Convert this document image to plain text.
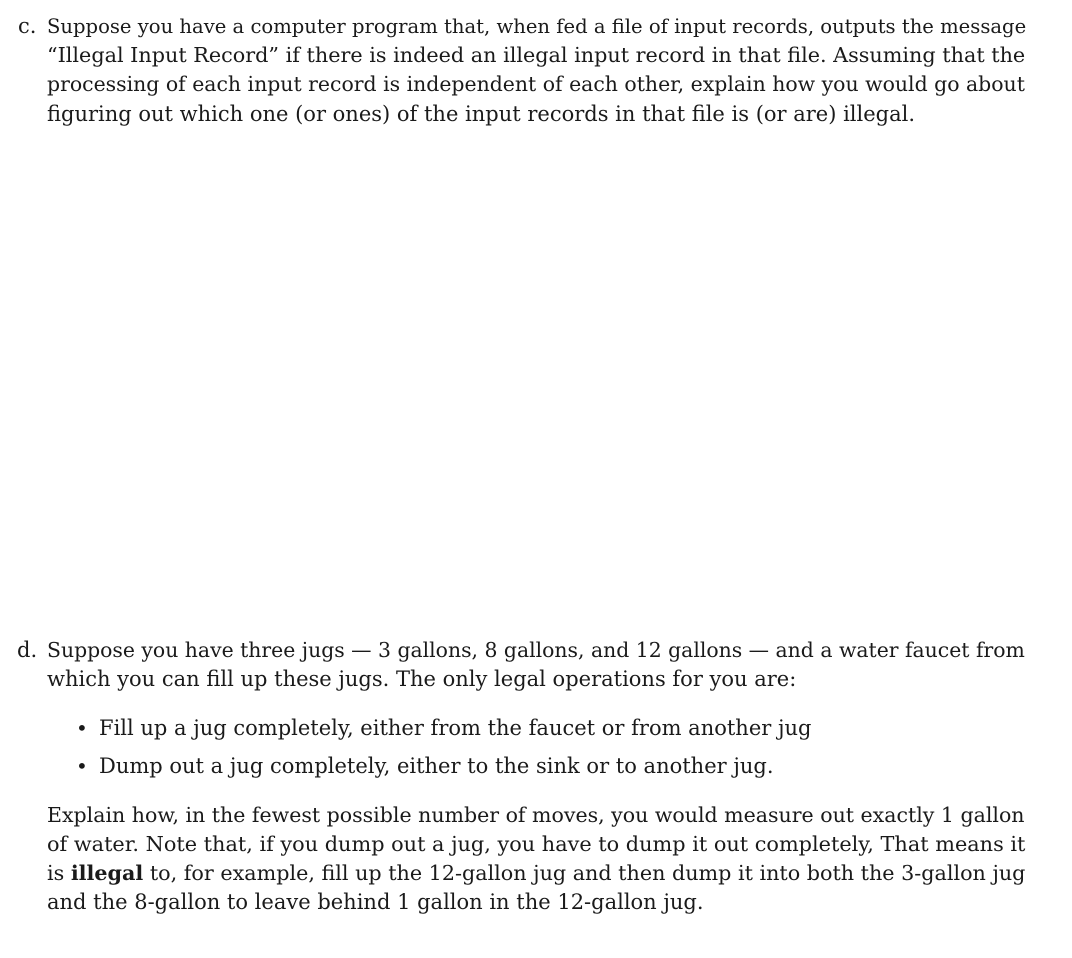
c. Suppose you have a computer program that, when fed a file of input records, outputs the message
“Illegal Input Record” if there is indeed an illegal input record in that file. Assuming that the
processing of each input record is independent of each other, explain how you would go about
figuring out which one (or ones) of the input records in that file is (or are) illegal.
d. Suppose you have three jugs — 3 gallons, 8 gallons, and 12 gallons — and a water faucet from
which you can fill up these jugs. The only legal operations for you are:
• Fill up a jug completely, either from the faucet or from another jug
• Dump out a jug completely, either to the sink or to another jug.
Explain how, in the fewest possible number of moves, you would measure out exactly 1 gallon
of water. Note that, if you dump out a jug, you have to dump it out completely, That means it
is illegal to, for example, fill up the 12-gallon jug and then dump it into both the 3-gallon jug
and the 8-gallon to leave behind 1 gallon in the 12-gallon jug.
